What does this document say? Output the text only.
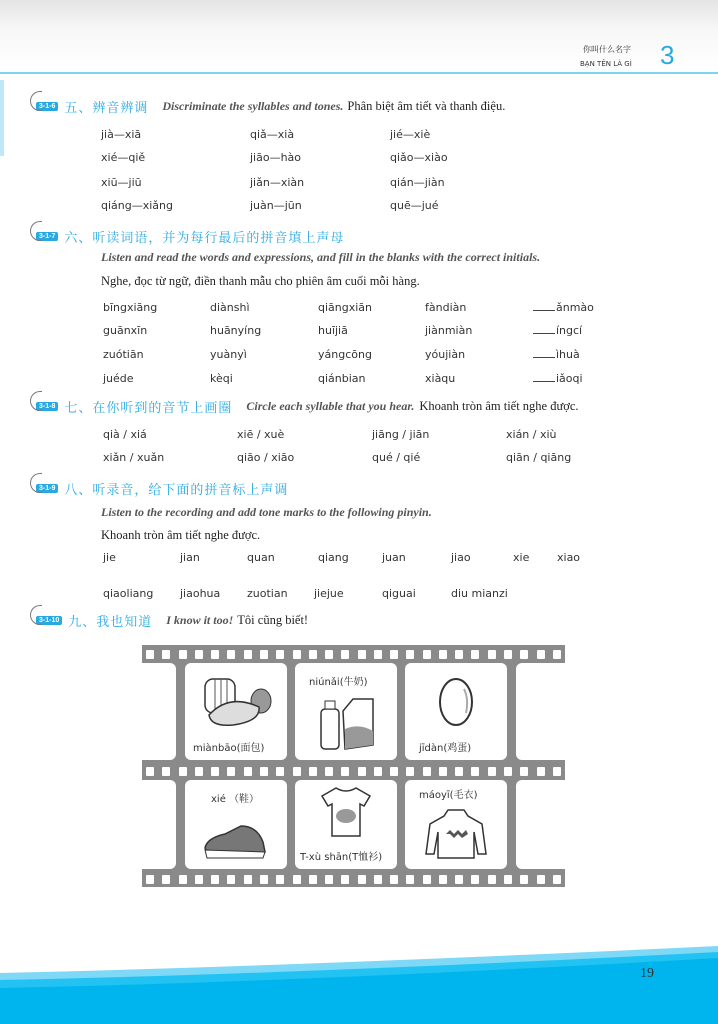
你叫什么名字
BẠN TÊN LÀ GÌ 3
3-1-6 五、辨音辨调 Discriminate the syllables and tones. Phân biệt âm tiết và thanh điệu.
jià—xiā	qiǎ—xià	jié—xiè
xié—qiě	jiāo—hào	qiǎo—xiào
xiū—jiū	jiǎn—xiàn	qián—jiàn
qiáng—xiǎng	juàn—jūn	quē—jué
3-1-7 六、听读词语，并为每行最后的拼音填上声母
Listen and read the words and expressions, and fill in the blanks with the correct initials.
Nghe, đọc từ ngữ, điền thanh mẫu cho phiên âm cuối mỗi hàng.
bīngxiāng	diànshì	qiāngxiān	fàndiàn	ǎnmào
guānxīn	huānyíng	huījiā	jiànmiàn	íngcí
zuótiān	yuànyì	yángcōng	yóujiàn	ìhuà
juéde	kèqi	qiánbian	xiàqu	iǎoqi
3-1-8 七、在你听到的音节上画圈 Circle each syllable that you hear. Khoanh tròn âm tiết nghe được.
qià / xiá	xiē / xuè	jiāng / jiān	xián / xiù
xiǎn / xuǎn	qiāo / xiāo	qué / qié	qiān / qiāng
3-1-9 八、听录音，给下面的拼音标上声调
Listen to the recording and add tone marks to the following pinyin.
Khoanh tròn âm tiết nghe được.
jie	jian	quan	qiang	juan	jiao	xie	xiao
qiaoliang jiaohua zuotian jiejue	qiguai	diu mianzi
3-1-10 九、我也知道 I know it too! Tôi cũng biết!
miànbāo(面包)
niúnǎi(牛奶)
jīdàn(鸡蛋)
xié （鞋）
T-xù shān(T恤衫)
máoyī(毛衣)
19
